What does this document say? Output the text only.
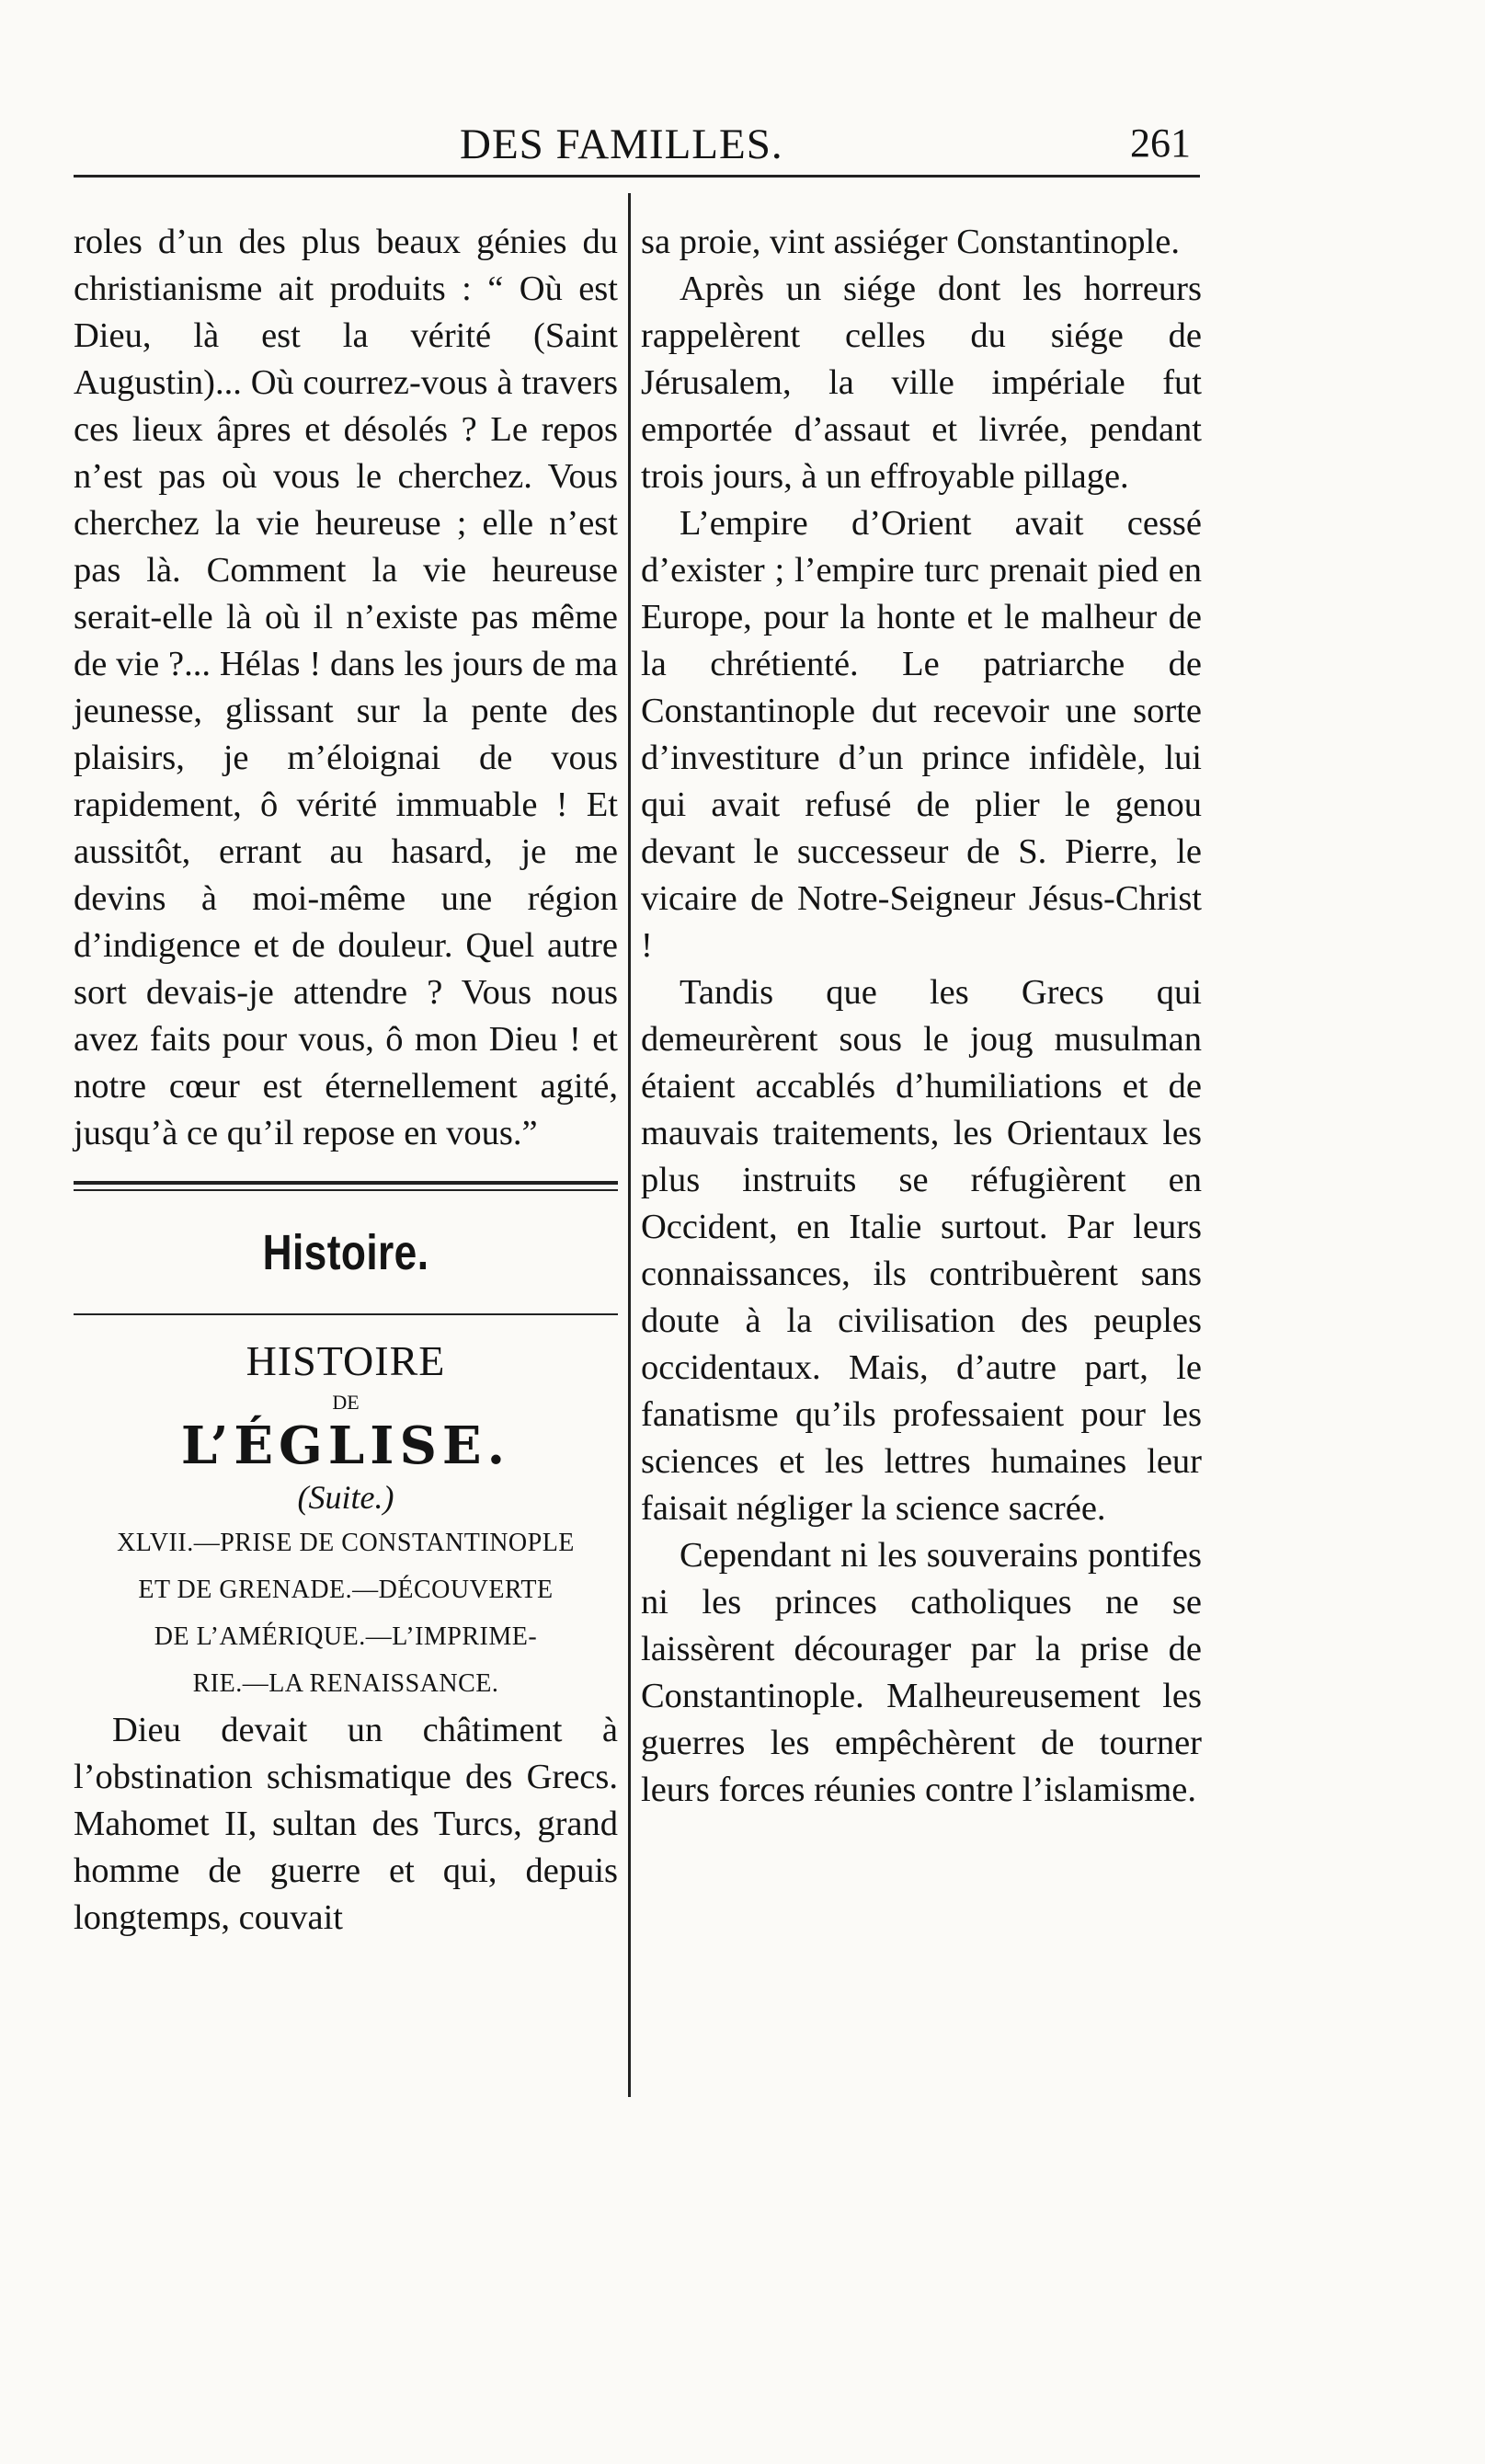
DES FAMILLES.	261

roles d’un des plus beaux génies du christianisme ait produits : “ Où est Dieu, là est la vérité (Saint Augustin)... Où courrez-vous à travers ces lieux âpres et désolés ? Le repos n’est pas où vous le cherchez. Vous cherchez la vie heureuse ; elle n’est pas là. Comment la vie heureuse serait-elle là où il n’existe pas même de vie ?... Hélas ! dans les jours de ma jeunesse, glissant sur la pente des plaisirs, je m’éloignai de vous rapidement, ô vérité immuable ! Et aussitôt, errant au hasard, je me devins à moi-même une région d’indigence et de douleur. Quel autre sort devais-je attendre ? Vous nous avez faits pour vous, ô mon Dieu ! et notre cœur est éternellement agité, jusqu’à ce qu’il repose en vous.”

Histoire.
HISTOIRE
DE
L’ÉGLISE.
(Suite.)
XLVII.—PRISE DE CONSTANTINOPLE
ET DE GRENADE.—DÉCOUVERTE
DE L’AMÉRIQUE.—L’IMPRIME-
RIE.—LA RENAISSANCE.

Dieu devait un châtiment à l’obstination schismatique des Grecs. Mahomet II, sultan des Turcs, grand homme de guerre et qui, depuis longtemps, couvait

sa proie, vint assiéger Constantinople.

Après un siége dont les horreurs rappelèrent celles du siége de Jérusalem, la ville impériale fut emportée d’assaut et livrée, pendant trois jours, à un effroyable pillage.

L’empire d’Orient avait cessé d’exister ; l’empire turc prenait pied en Europe, pour la honte et le malheur de la chrétienté. Le patriarche de Constantinople dut recevoir une sorte d’investiture d’un prince infidèle, lui qui avait refusé de plier le genou devant le successeur de S. Pierre, le vicaire de Notre-Seigneur Jésus-Christ !

Tandis que les Grecs qui demeurèrent sous le joug musulman étaient accablés d’humiliations et de mauvais traitements, les Orientaux les plus instruits se réfugièrent en Occident, en Italie surtout. Par leurs connaissances, ils contribuèrent sans doute à la civilisation des peuples occidentaux. Mais, d’autre part, le fanatisme qu’ils professaient pour les sciences et les lettres humaines leur faisait négliger la science sacrée.

Cependant ni les souverains pontifes ni les princes catholiques ne se laissèrent décourager par la prise de Constantinople. Malheureusement les guerres les empêchèrent de tourner leurs forces réunies contre l’islamisme.
